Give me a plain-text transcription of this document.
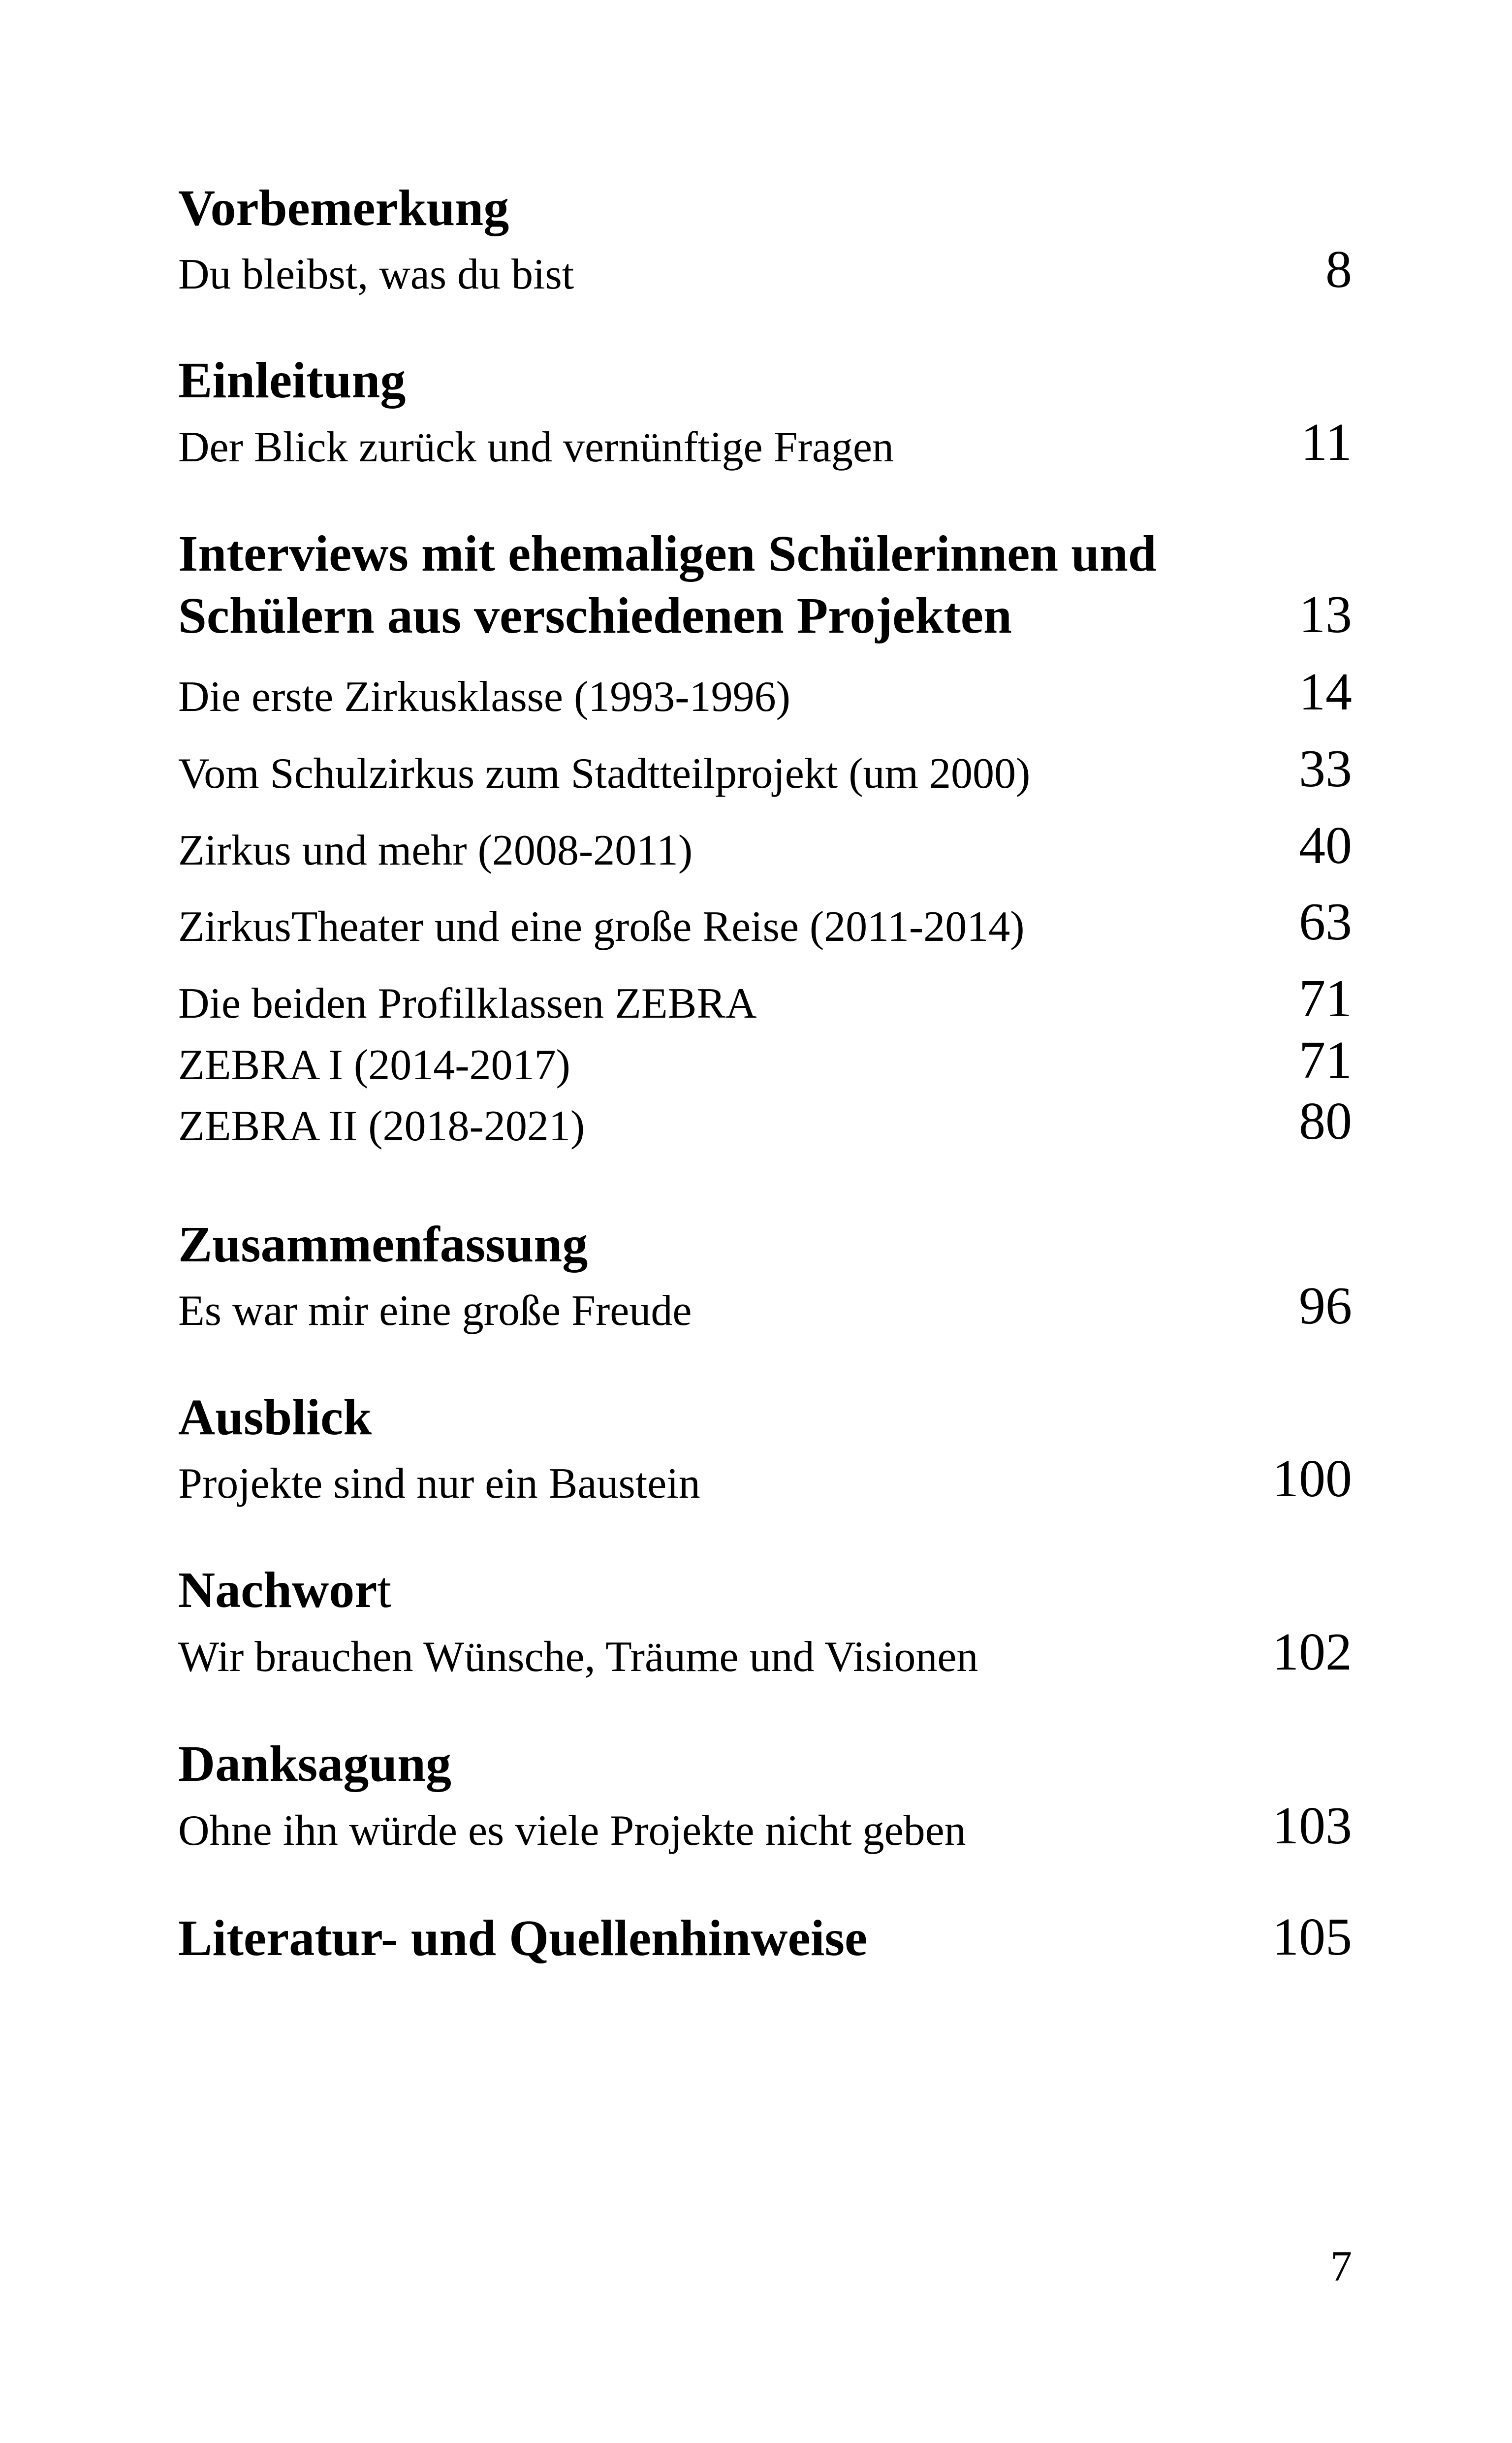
Vorbemerkung
Du bleibst, was du bist	8
Einleitung
Der Blick zurück und vernünftige Fragen	11
Interviews mit ehemaligen Schülerinnen und
Schülern aus verschiedenen Projekten	13
Die erste Zirkusklasse (1993-1996)	14
Vom Schulzirkus zum Stadtteilprojekt (um 2000)	33
Zirkus und mehr (2008-2011)	40
ZirkusTheater und eine große Reise (2011-2014)	63
Die beiden Profilklassen ZEBRA	71
ZEBRA I (2014-2017)	71
ZEBRA II (2018-2021)	80
Zusammenfassung
Es war mir eine große Freude	96
Ausblick
Projekte sind nur ein Baustein	100
Nachwort
Wir brauchen Wünsche, Träume und Visionen	102
Danksagung
Ohne ihn würde es viele Projekte nicht geben	103
Literatur- und Quellenhinweise	105
7
